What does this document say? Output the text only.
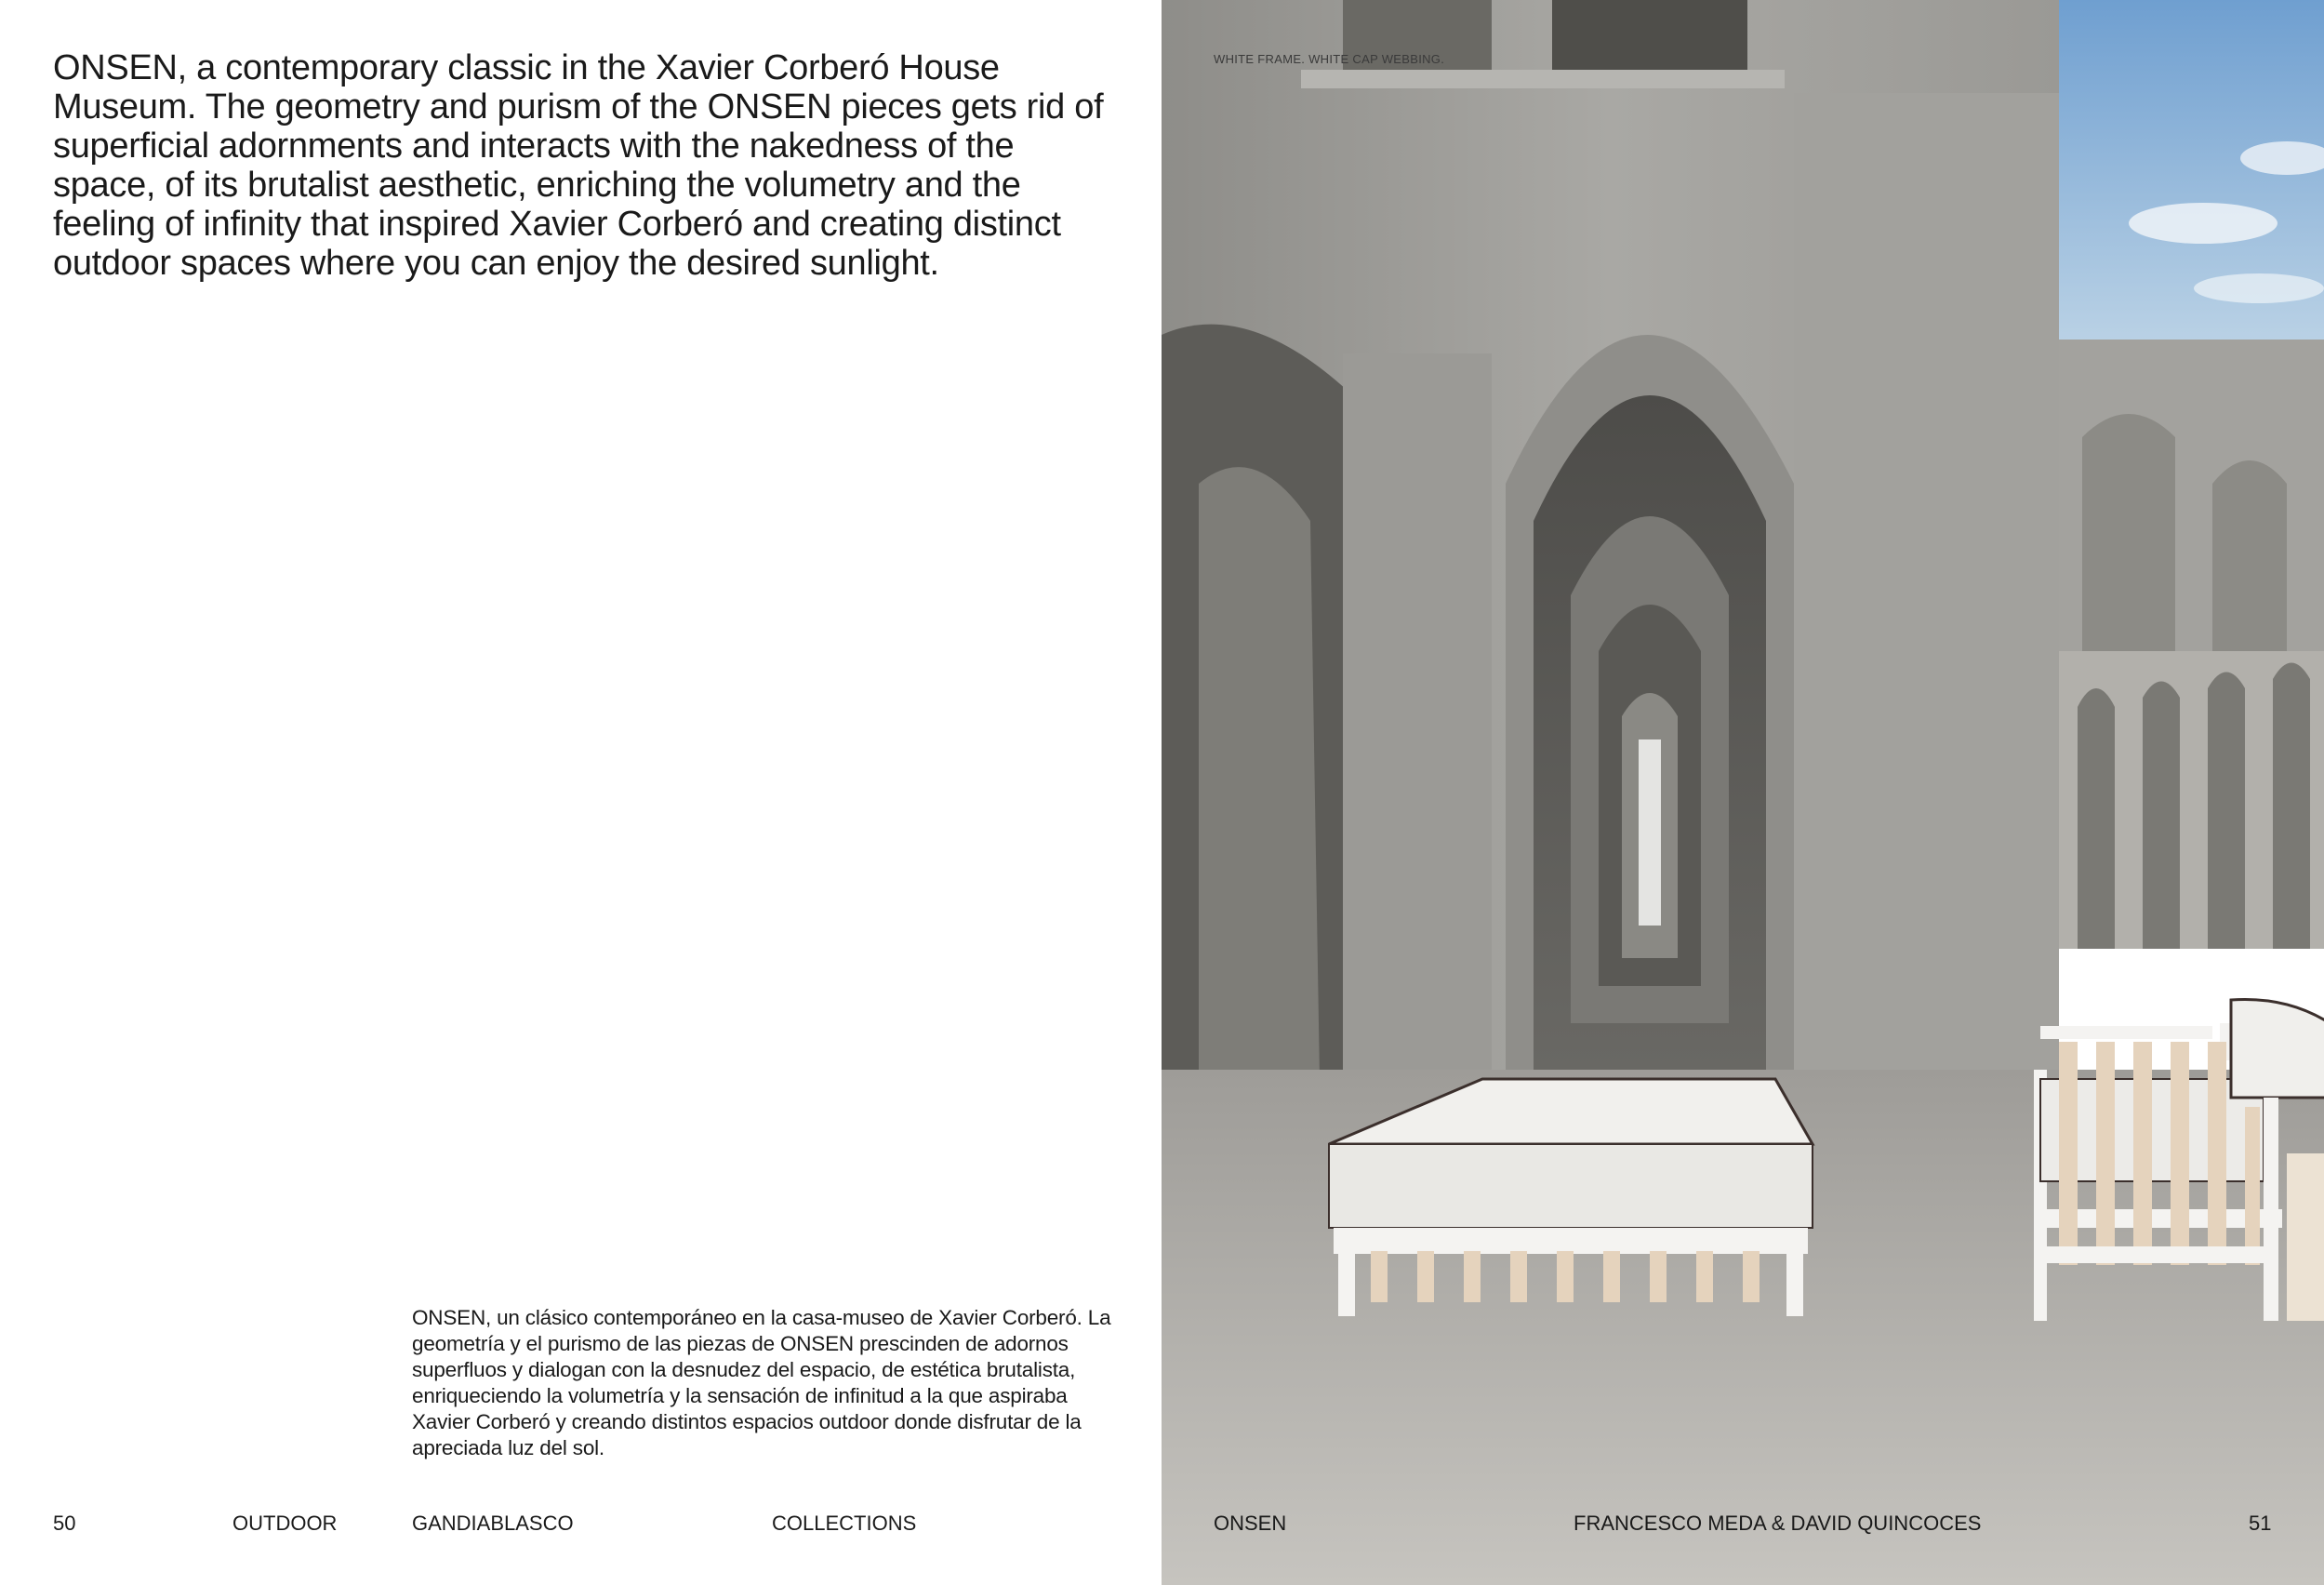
ONSEN, a contemporary classic in the Xavier Corberó House Museum. The geometry and purism of the ONSEN pieces gets rid of superficial adornments and interacts with the nakedness of the space, of its brutalist aesthetic, enriching the volumetry and the feeling of infinity that inspired Xavier Corberó and creating distinct outdoor spaces where you can enjoy the desired sunlight.

ONSEN, un clásico contemporáneo en la casa-museo de Xavier Corberó. La geometría y el purismo de las piezas de ONSEN prescinden de adornos superfluos y dialogan con la desnudez del espacio, de estética brutalista, enriqueciendo la volumetría y la sensación de infinitud a la que aspiraba Xavier Corberó y creando distintos espacios outdoor donde disfrutar de la apreciada luz del sol.

50	OUTDOOR	GANDIABLASCO	COLLECTIONS
WHITE FRAME. WHITE CAP WEBBING.
ONSEN	FRANCESCO MEDA & DAVID QUINCOCES	51
